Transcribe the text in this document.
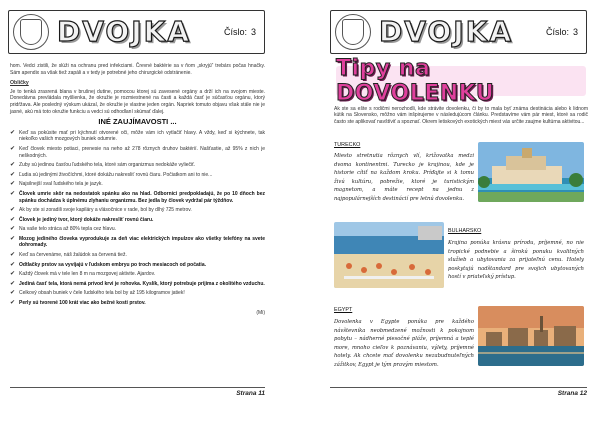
DVOJKA	Číslo: 3

hom. Vedci zistili, že slúži na ochranu pred infekciami. Črevné baktérie sa v ňom „skryjú“ trebárs počas hnačky. Sám apendix sa však tiež zapáli a v tedy je potrebné jeho chirurgické odstránenie.

Obličky

Je to tenká zrasrená blana v brušnej dutine, pomocou ktorej sú zavesené orgány a drží ich na svojom mieste. Donedávna prevládala myšlienka, že okružie je rozmiestnené na časti a každá časť je súčasťou orgánu, ktorý pridŕžava. Ale posledný výskum ukázal, že okružie je vlastne jeden orgán. Napriek tomuto objavu však stále nie je jasné, akú má toto okružie funkciu a vedci sú odhodlaní skúmať ďalej.

INÉ ZAUJÍMAVOSTI ...
✔ Keď sa pokúsite mať pri kýchnutí otvorené oči, môže vám ich vytlačiť hlavy. A vždy, keď si kýchnete, tak niekoľko vašich mozgových buniek odumrie.
✔ Keď človek miesto potiaci, prenesie na neho až 278 rôznych druhov baktérií. Našťastie, až 95% z nich je neškodných.
✔ Zuby sú jedinou časťou ľudského tela, ktoré sám organizmus nedokáže vyliečiť.
✔ Ľudia sú jedinými živočíchmi, ktoré dokážu nakresliť rovnú čiaru. Počiatkom ani to nie...
✔ Najsilnejší sval ľudského tela je jazyk.
✔ Človek umrie skôr na nedostatok spánku ako na hlad. Odborníci predpokladajú, že po 10 dňoch bez spánku dochádza k úplnému zlyhaniu organizmu. Bez jedla by človek vydržal pár týždňov.
✔ Ak by ste si zoradili svoje kapiláry a vlásočnice v rade, bol by dlhý 725 metrov.
✔ Človek je jediný tvor, ktorý dokáže nakresliť rovnú čiaru.
✔ Na vaše telo stráca až 80% tepla cez hlavu.
✔ Mozog jediného človeka vyprodukuje za deň viac elektrických impulzov ako všetky telefóny na svete dohromady.
✔ Keď sa červenáme, náš žalúdok sa červená tiež.
✔ Odtlačky prstov sa vyvíjajú v ľudskom embryu po troch mesiacoch od počatia.
✔ Každý človek má v tele len 8 m na mozgovej aktivite. Ajardov.
✔ Jediná časť tela, ktorá nemá prívod krvi je rohovka. Kyslík, ktorý potrebuje prijíma z okolitého vzduchu.
✔ Celkový obsah buniek v čele ľudského tela bol by až 195 kilogramov jatiek!
✔ Perly sú tvorené 100 krát viac ako bežné kosti prstov.
(Mi)
Strana 11
DVOJKA	Číslo: 3
Tipy na DOVOLENKU
Ak ste sa ešte s rodičmi nerozhodli, kde strávite dovolenku, či by to mala byť známa destinácia alebo k lidnom kútik na Slovensko, môžno vám inšpirujeme v následujúcom článku. Predstavíme vám pár miest, ktoré sa rodič často ste aplikovať navštíviť a spoznať. Okrem letiskových exotických miest vás určite zaujme kultúrna aktivitou...
TURECKO
Miesto stretnutia rôznych vlí, križovatka medzi dvoma kontinentmi. Turecko je krajinou, kde je historie cítiť na každom kroku. Príďajte si k tomu živú kultúru, pobrežie, ktoré je turistickým magnetom, a máte recept na jednu z najpopulárnejších destinácií pre letnú dovolenku.
BULHARSKO
Krajina ponúka krásnu prírodu, príjemné, no nie tropické podnebie a širokú ponuku kvalitných služieb a ubytovania za prijateľnú cenu. Hotely poskytujú nadštandard pre svojich ubytovaných hostí v priateľský prístup.
EGYPT
Dovolenka v Egypte ponúka pre každého návštevníka neobmedzené možnosti k pokojnom pobytu – nádherné piesočné pláže, príjemná a teplé more, mnoho cieľov k poznávaniu, výlety, príjemné hotely. Ak chcete mať dovolenku nezabudnuteľných zážitkov, Egypt je tým pravým miestom.
Strana 12
